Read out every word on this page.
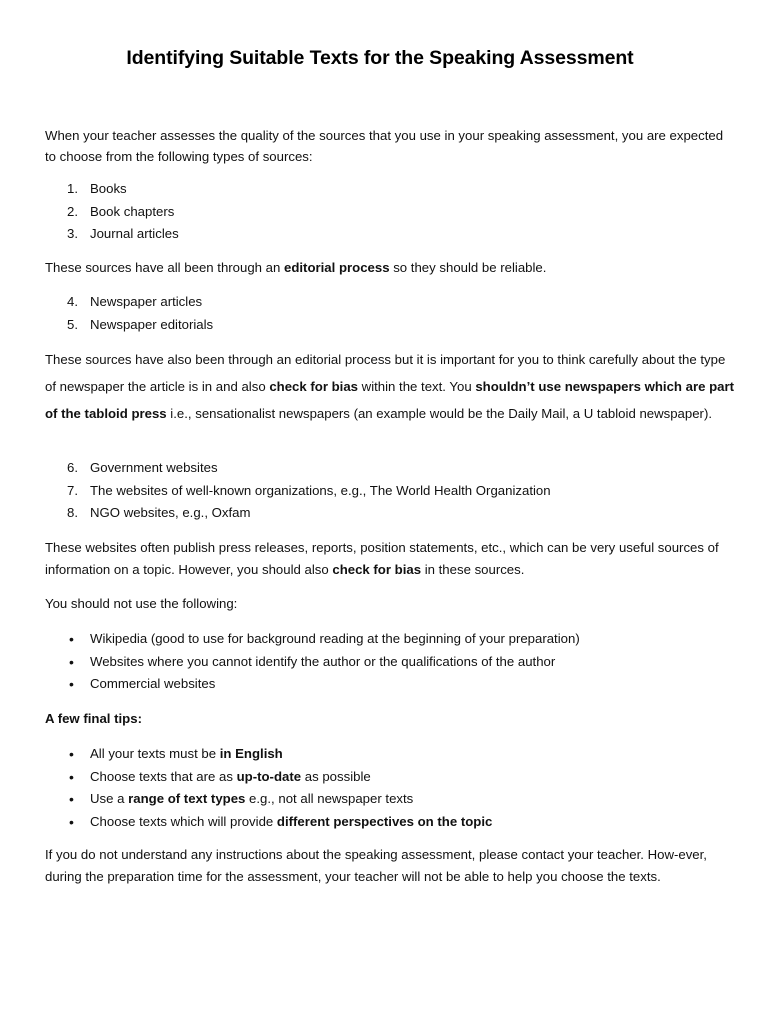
Identifying Suitable Texts for the Speaking Assessment
When your teacher assesses the quality of the sources that you use in your speaking assessment, you are expected to choose from the following types of sources:
1. Books
2. Book chapters
3. Journal articles
These sources have all been through an editorial process so they should be reliable.
4. Newspaper articles
5. Newspaper editorials
These sources have also been through an editorial process but it is important for you to think carefully about the type of newspaper the article is in and also check for bias within the text. You shouldn’t use newspapers which are part of the tabloid press i.e., sensationalist newspapers (an example would be the Daily Mail, a U tabloid newspaper).
6. Government websites
7. The websites of well-known organizations, e.g., The World Health Organization
8. NGO websites, e.g., Oxfam
These websites often publish press releases, reports, position statements, etc., which can be very useful sources of information on a topic. However, you should also check for bias in these sources.
You should not use the following:
•	Wikipedia (good to use for background reading at the beginning of your preparation)
•	Websites where you cannot identify the author or the qualifications of the author
•	Commercial websites
A few final tips:
•	All your texts must be in English
•	Choose texts that are as up-to-date as possible
•	Use a range of text types e.g., not all newspaper texts
•	Choose texts which will provide different perspectives on the topic
If you do not understand any instructions about the speaking assessment, please contact your teacher. How-ever, during the preparation time for the assessment, your teacher will not be able to help you choose the texts.
